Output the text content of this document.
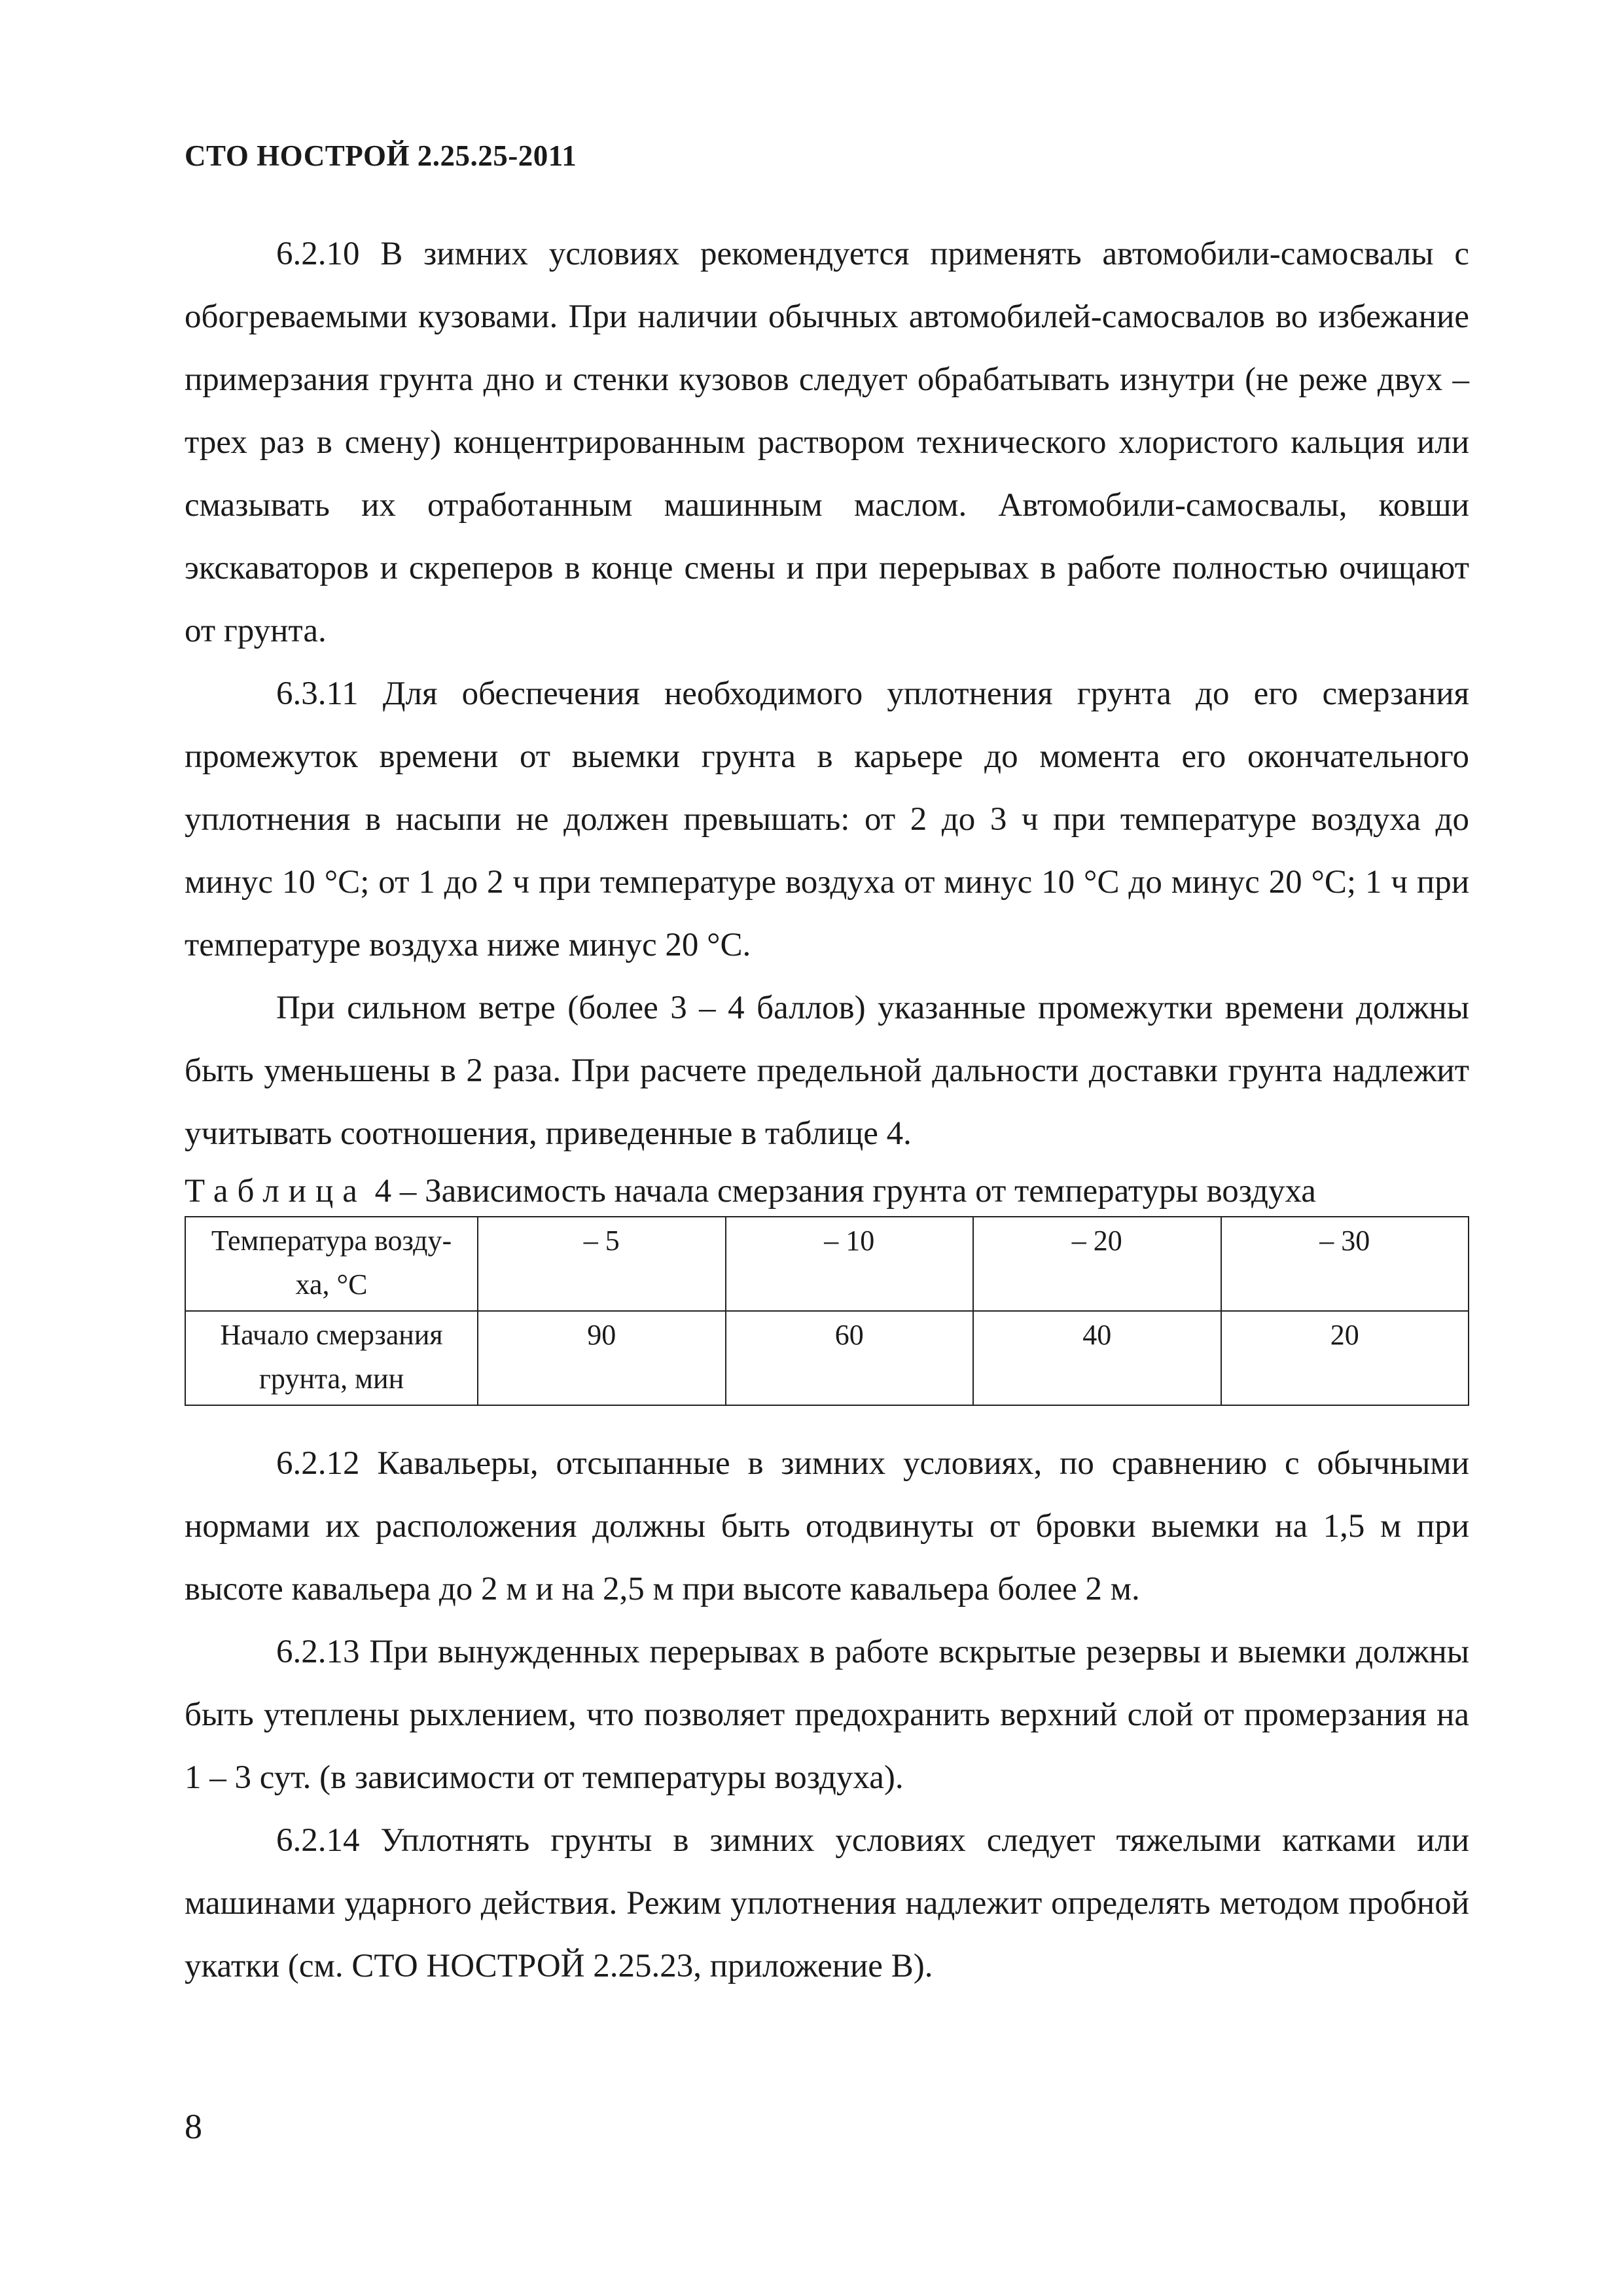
СТО НОСТРОЙ 2.25.25-2011

6.2.10 В зимних условиях рекомендуется применять автомобили-самосвалы с обогреваемыми кузовами. При наличии обычных автомобилей-самосвалов во избежание примерзания грунта дно и стенки кузовов следует обрабатывать изнутри (не реже двух – трех раз в смену) концентрированным раствором технического хлористого кальция или смазывать их отработанным машинным маслом. Автомобили-самосвалы, ковши экскаваторов и скреперов в конце смены и при перерывах в работе полностью очищают от грунта.

6.3.11 Для обеспечения необходимого уплотнения грунта до его смерзания промежуток времени от выемки грунта в карьере до момента его окончательного уплотнения в насыпи не должен превышать: от 2 до 3 ч при температуре воздуха до минус 10 °С; от 1 до 2 ч при температуре воздуха от минус 10 °С до минус 20 °С; 1 ч при температуре воздуха ниже минус 20 °С.

При сильном ветре (более 3 – 4 баллов) указанные промежутки времени должны быть уменьшены в 2 раза. При расчете предельной дальности доставки грунта надлежит учитывать соотношения, приведенные в таблице 4.

Таблица 4 – Зависимость начала смерзания грунта от температуры воздуха
Температура возду-ха, °С	– 5	– 10	– 20	– 30
Начало смерзания грунта, мин	90	60	40	20

6.2.12 Кавальеры, отсыпанные в зимних условиях, по сравнению с обычными нормами их расположения должны быть отодвинуты от бровки выемки на 1,5 м при высоте кавальера до 2 м и на 2,5 м при высоте кавальера более 2 м.

6.2.13 При вынужденных перерывах в работе вскрытые резервы и выемки должны быть утеплены рыхлением, что позволяет предохранить верхний слой от промерзания на 1 – 3 сут. (в зависимости от температуры воздуха).

6.2.14 Уплотнять грунты в зимних условиях следует тяжелыми катками или машинами ударного действия. Режим уплотнения надлежит определять методом пробной укатки (см. СТО НОСТРОЙ 2.25.23, приложение В).

8
